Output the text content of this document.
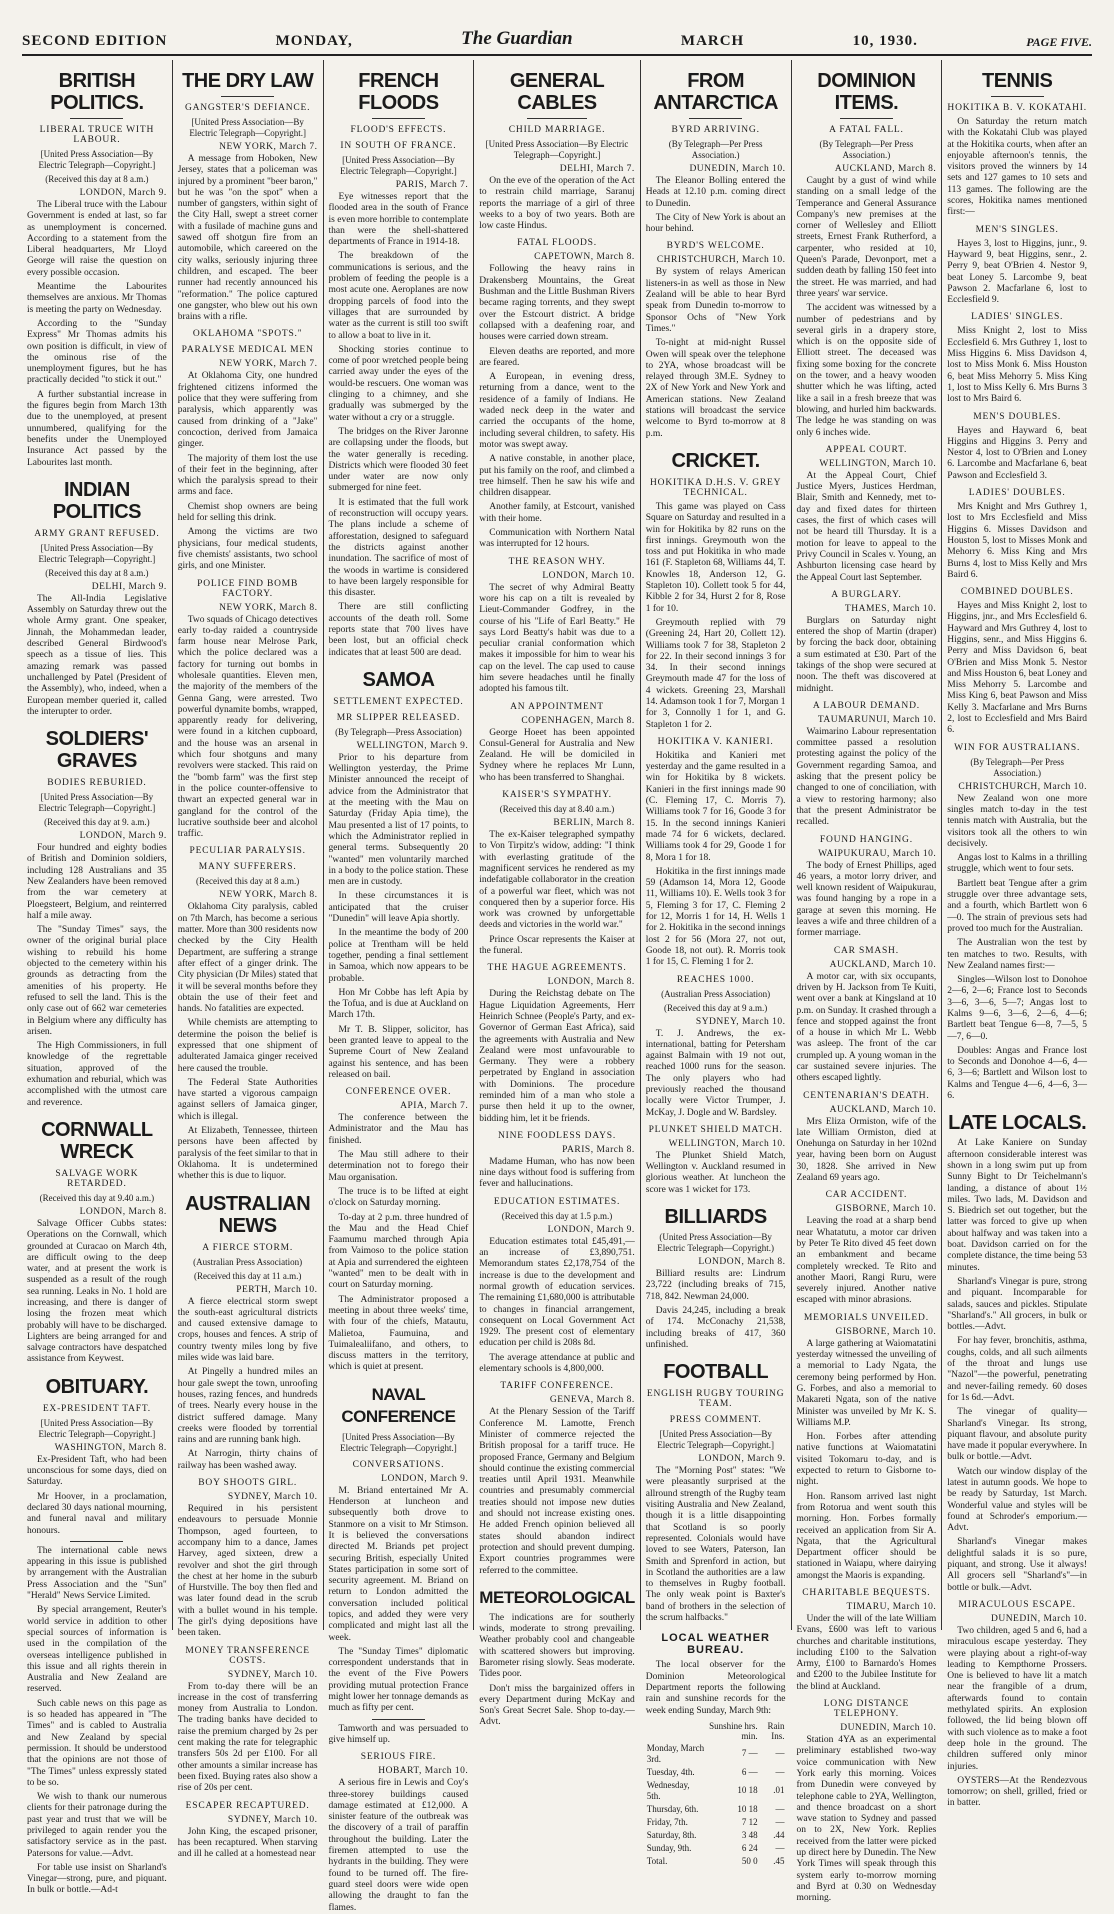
SECOND EDITION	MONDAY,	The Guardian	MARCH	10, 1930.	PAGE FIVE.
BRITISH POLITICS.
LIBERAL TRUCE WITH LABOUR.
[United Press Association—By Electric Telegraph—Copyright.]
(Received this day at 8 a.m.)
LONDON, March 9.

The Liberal truce with the Labour Government is ended at last, so far as unemployment is concerned. According to a statement from the Liberal headquarters, Mr Lloyd George will raise the question on every possible occasion.

Meantime the Labourites themselves are anxious. Mr Thomas is meeting the party on Wednesday.

According to the "Sunday Express" Mr Thomas admits his own position is difficult, in view of the ominous rise of the unemployment figures, but he has practically decided "to stick it out."

A further substantial increase in the figures begin from March 13th due to the unemployed, at present unnumbered, qualifying for the benefits under the Unemployed Insurance Act passed by the Labourites last month.

INDIAN POLITICS
ARMY GRANT REFUSED.
[United Press Association—By Electric Telegraph—Copyright.]
(Received this day at 8 a.m.)
DELHI, March 9.

The All-India Legislative Assembly on Saturday threw out the whole Army grant. One speaker, Jinnah, the Mohammedan leader, described General Birdwood's speech as a tissue of lies. This amazing remark was passed unchallenged by Patel (President of the Assembly), who, indeed, when a European member queried it, called the interupter to order.

SOLDIERS' GRAVES
BODIES REBURIED.
[United Press Association—By Electric Telegraph—Copyright.]
(Received this day at 9. a.m.)
LONDON, March 9.

Four hundred and eighty bodies of British and Dominion soldiers, including 128 Australians and 35 New Zealanders have been removed from the war cemetery at Ploegsteert, Belgium, and reinterred half a mile away.

The "Sunday Times" says, the owner of the original burial place wishing to rebuild his home objected to the cemetery within his grounds as detracting from the amenities of his property. He refused to sell the land. This is the only case out of 662 war cemeteries in Belgium where any difficulty has arisen.

The High Commissioners, in full knowledge of the regrettable situation, approved of the exhumation and reburial, which was accomplished with the utmost care and reverence.

CORNWALL WRECK
SALVAGE WORK RETARDED.
(Received this day at 9.40 a.m.)
LONDON, March 8.

Salvage Officer Cubbs states: Operations on the Cornwall, which grounded at Curacao on March 4th, are difficult owing to the deep water, and at present the work is suspended as a result of the rough sea running. Leaks in No. 1 hold are increasing, and there is danger of losing the frozen meat which probably will have to be discharged. Lighters are being arranged for and salvage contractors have despatched assistance from Keywest.

OBITUARY.
EX-PRESIDENT TAFT.
[United Press Association—By Electric Telegraph—Copyright.]
WASHINGTON, March 8.

Ex-President Taft, who had been unconscious for some days, died on Saturday.

Mr Hoover, in a proclamation, declared 30 days national mourning, and funeral naval and military honours.

The international cable news appearing in this issue is published by arrangement with the Australian Press Association and the "Sun" "Herald" News Service Limited.

By special arrangement, Reuter's world service in addition to other special sources of information is used in the compilation of the overseas intelligence published in this issue and all rights therein in Australia and New Zealand are reserved.

Such cable news on this page as is so headed has appeared in "The Times" and is cabled to Australia and New Zealand by special permission. It should be understood that the opinions are not those of "The Times" unless expressly stated to be so.

We wish to thank our numerous clients for their patronage during the past year and trust that we will be privileged to again render you the satisfactory service as in the past. Patersons for value.—Advt.

For table use insist on Sharland's Vinegar—strong, pure, and piquant. In bulk or bottle.—Ad-t

THE DRY LAW
GANGSTER'S DEFIANCE.
[United Press Association—By Electric Telegraph—Copyright.]
NEW YORK, March 7.

A message from Hoboken, New Jersey, states that a policeman was injured by a prominent "beer baron," but he was "on the spot" when a number of gangsters, within sight of the City Hall, swept a street corner with a fusilade of machine guns and sawed off shotgun fire from an automobile, which careered on the city walks, seriously injuring three children, and escaped. The beer runner had recently announced his "reformation." The police captured one gangster, who blew out his own brains with a rifle.

OKLAHOMA "SPOTS."
PARALYSE MEDICAL MEN
NEW YORK, March 7.

At Oklahoma City, one hundred frightened citizens informed the police that they were suffering from paralysis, which apparently was caused from drinking of a "Jake" concoction, derived from Jamaica ginger.

The majority of them lost the use of their feet in the beginning, after which the paralysis spread to their arms and face.

Chemist shop owners are being held for selling this drink.

Among the victims are two physicians, four medical students, five chemists' assistants, two school girls, and one Minister.

POLICE FIND BOMB FACTORY.
NEW YORK, March 8.

Two squads of Chicago detectives early to-day raided a countryside farm house near Melrose Park, which the police declared was a factory for turning out bombs in wholesale quantities. Eleven men, the majority of the members of the Genna Gang, were arrested. Two powerful dynamite bombs, wrapped, apparently ready for delivering, were found in a kitchen cupboard, and the house was an arsenal in which four shotguns and many revolvers were stacked. This raid on the "bomb farm" was the first step in the police counter-offensive to thwart an expected general war in gangland for the control of the lucrative southside beer and alcohol traffic.

PECULIAR PARALYSIS.
MANY SUFFERERS.
(Received this day at 8 a.m.)
NEW YORK, March 8.

Oklahoma City paralysis, cabled on 7th March, has become a serious matter. More than 300 residents now checked by the City Health Department, are suffering a strange after effect of a ginger drink. The City physician (Dr Miles) stated that it will be several months before they obtain the use of their feet and hands. No fatalities are expected.

While chemists are attempting to determine the poison the belief is expressed that one shipment of adulterated Jamaica ginger received here caused the trouble.

The Federal State Authorities have started a vigorous campaign against sellers of Jamaica ginger, which is illegal.

At Elizabeth, Tennessee, thirteen persons have been affected by paralysis of the feet similar to that in Oklahoma. It is undetermined whether this is due to liquor.

AUSTRALIAN NEWS
A FIERCE STORM.
(Australian Press Association)
(Received this day at 11 a.m.)
PERTH, March 10.

A fierce electrical storm swept the south-east agricultural districts and caused extensive damage to crops, houses and fences. A strip of country twenty miles long by five miles wide was laid bare.

At Pingelly a hundred miles an hour gale swept the town, unroofing houses, razing fences, and hundreds of trees. Nearly every house in the district suffered damage. Many creeks were flooded by torrential rains and are running bank high.

At Narrogin, thirty chains of railway has been washed away.

BOY SHOOTS GIRL.
SYDNEY, March 10.

Required in his persistent endeavours to persuade Monnie Thompson, aged fourteen, to accompany him to a dance, James Harvey, aged sixteen, drew a revolver and shot the girl through the chest at her home in the suburb of Hurstville. The boy then fled and was later found dead in the scrub with a bullet wound in his temple. The girl's dying depositions have been taken.

MONEY TRANSFERENCE COSTS.
SYDNEY, March 10.

From to-day there will be an increase in the cost of transferring money from Australia to London. The trading banks have decided to raise the premium charged by 2s per cent making the rate for telegraphic transfers 50s 2d per £100. For all other amounts a similar increase has been fixed. Buying rates also show a rise of 20s per cent.

ESCAPER RECAPTURED.
SYDNEY, March 10.

John King, the escaped prisoner, has been recaptured. When starving and ill he called at a homestead near

FRENCH FLOODS
FLOOD'S EFFECTS.
IN SOUTH OF FRANCE.
[United Press Association—By Electric Telegraph—Copyright.]
PARIS, March 7.

Eye witnesses report that the flooded area in the south of France is even more horrible to contemplate than were the shell-shattered departments of France in 1914-18.

The breakdown of the communications is serious, and the problem of feeding the people is a most acute one. Aeroplanes are now dropping parcels of food into the villages that are surrounded by water as the current is still too swift to allow a boat to live in it.

Shocking stories continue to come of poor wretched people being carried away under the eyes of the would-be rescuers. One woman was clinging to a chimney, and she gradually was submerged by the water without a cry or a struggle.

The bridges on the River Jaronne are collapsing under the floods, but the water generally is receding. Districts which were flooded 30 feet under water are now only submerged for nine feet.

It is estimated that the full work of reconstruction will occupy years. The plans include a scheme of afforestation, designed to safeguard the districts against another inundation. The sacrifice of most of the woods in wartime is considered to have been largely responsible for this disaster.

There are still conflicting accounts of the death roll. Some reports state that 700 lives have been lost, but an official check indicates that at least 500 are dead.

SAMOA
SETTLEMENT EXPECTED.
MR SLIPPER RELEASED.
(By Telegraph—Press Association)
WELLINGTON, March 9.

Prior to his departure from Wellington yesterday, the Prime Minister announced the receipt of advice from the Administrator that at the meeting with the Mau on Saturday (Friday Apia time), the Mau presented a list of 17 points, to which the Administrator replied in general terms. Subsequently 20 "wanted" men voluntarily marched in a body to the police station. These men are in custody.

In these circumstances it is anticipated that the cruiser "Dunedin" will leave Apia shortly.

In the meantime the body of 200 police at Trentham will be held together, pending a final settlement in Samoa, which now appears to be probable.

Hon Mr Cobbe has left Apia by the Tofua, and is due at Auckland on March 17th.

Mr T. B. Slipper, solicitor, has been granted leave to appeal to the Supreme Court of New Zealand against his sentence, and has been released on bail.

CONFERENCE OVER.
APIA, March 7.

The conference between the Administrator and the Mau has finished.

The Mau still adhere to their determination not to forego their Mau organisation.

The truce is to be lifted at eight o'clock on Saturday morning.

To-day at 2 p.m. three hundred of the Mau and the Head Chief Faamumu marched through Apia from Vaimoso to the police station at Apia and surrendered the eighteen "wanted" men to be dealt with in court on Saturday morning.

The Administrator proposed a meeting in about three weeks' time, with four of the chiefs, Matautu, Malietoa, Faumuina, and Tuimalealiifano, and others, to discuss matters in the territory, which is quiet at present.

NAVAL CONFERENCE
[United Press Association—By Electric Telegraph—Copyright.]
CONVERSATIONS.
LONDON, March 9.

M. Briand entertained Mr A. Henderson at luncheon and subsequently both drove to Stanmore on a visit to Mr Stimson. It is believed the conversations directed M. Briands pet project securing British, especially United States participation in some sort of security agreement. M. Briand on return to London admitted the conversation included political topics, and added they were very complicated and might last all the week.

The "Sunday Times" diplomatic correspondent understands that in the event of the Five Powers providing mutual protection France might lower her tonnage demands as much as fifty per cent.

Tamworth and was persuaded to give himself up.

SERIOUS FIRE.
HOBART, March 10.

A serious fire in Lewis and Coy's three-storey buildings caused damage estimated at £12,000. A sinister feature of the outbreak was the discovery of a trail of paraffin throughout the building. Later the firemen attempted to use the hydrants in the building. They were found to be turned off. The fire-guard steel doors were wide open allowing the draught to fan the flames.

GENERAL CABLES
CHILD MARRIAGE.
[United Press Association—By Electric Telegraph—Copyright.]
DELHI, March 7.

On the eve of the operation of the Act to restrain child marriage, Saranuj reports the marriage of a girl of three weeks to a boy of two years. Both are low caste Hindus.

FATAL FLOODS.
CAPETOWN, March 8.

Following the heavy rains in Drakensberg Mountains, the Great Bushman and the Little Bushman Rivers became raging torrents, and they swept over the Estcourt district. A bridge collapsed with a deafening roar, and houses were carried down stream.

Eleven deaths are reported, and more are feared.

A European, in evening dress, returning from a dance, went to the residence of a family of Indians. He waded neck deep in the water and carried the occupants of the home, including several children, to safety. His motor was swept away.

A native constable, in another place, put his family on the roof, and climbed a tree himself. Then he saw his wife and children disappear.

Another family, at Estcourt, vanished with their home.

Communication with Northern Natal was interrupted for 12 hours.

THE REASON WHY.
LONDON, March 10.

The secret of why Admiral Beatty wore his cap on a tilt is revealed by Lieut-Commander Godfrey, in the course of his "Life of Earl Beatty." He says Lord Beatty's habit was due to a peculiar cranial conformation which makes it impossible for him to wear his cap on the level. The cap used to cause him severe headaches until he finally adopted his famous tilt.

AN APPOINTMENT
COPENHAGEN, March 8.

George Hoeet has been appointed Consul-General for Australia and New Zealand. He will be domiciled in Sydney where he replaces Mr Lunn, who has been transferred to Shanghai.

KAISER'S SYMPATHY.
(Received this day at 8.40 a.m.)
BERLIN, March 8.

The ex-Kaiser telegraphed sympathy to Von Tirpitz's widow, adding: "I think with everlasting gratitude of the magnificent services he rendered as my indefatigable collaborator in the creation of a powerful war fleet, which was not conquered then by a superior force. His work was crowned by unforgettable deeds and victories in the world war."

Prince Oscar represents the Kaiser at the funeral.

THE HAGUE AGREEMENTS.
LONDON, March 8.

During the Reichstag debate on The Hague Liquidation Agreements, Herr Heinrich Schnee (People's Party, and ex-Governor of German East Africa), said the agreements with Australia and New Zealand were most unfavourable to Germany. They were a robbery perpetrated by England in association with Dominions. The procedure reminded him of a man who stole a purse then held it up to the owner, bidding him, let it be friends.

NINE FOODLESS DAYS.
PARIS, March 8.

Madame Human, who has now been nine days without food is suffering from fever and hallucinations.

EDUCATION ESTIMATES.
(Received this day at 1.5 p.m.)
LONDON, March 9.

Education estimates total £45,491,—an increase of £3,890,751. Memorandum states £2,178,754 of the increase is due to the development and normal growth of education services. The remaining £1,680,000 is attributable to changes in financial arrangement, consequent on Local Government Act 1929. The present cost of elementary education per child is 208s 8d.

The average attendance at public and elementary schools is 4,800,000.

TARIFF CONFERENCE.
GENEVA, March 8.

At the Plenary Session of the Tariff Conference M. Lamotte, French Minister of commerce rejected the British proposal for a tariff truce. He proposed France, Germany and Belgium should continue the existing commercial treaties until April 1931. Meanwhile countries and presumably commercial treaties should not impose new duties and should not increase existing ones. He added French opinion believed all states should abandon indirect protection and should prevent dumping. Export countries programmes were referred to the committee.

METEOROLOGICAL

The indications are for southerly winds, moderate to strong prevailing. Weather probably cool and changeable with scattered showers but improving. Barometer rising slowly. Seas moderate. Tides poor.

Don't miss the bargainized offers in every Department during McKay and Son's Great Secret Sale. Shop to-day.—Advt.

FROM ANTARCTICA
BYRD ARRIVING.
(By Telegraph—Per Press Association.)
DUNEDIN, March 10.

The Eleanor Bolling entered the Heads at 12.10 p.m. coming direct to Dunedin.

The City of New York is about an hour behind.

BYRD'S WELCOME.
CHRISTCHURCH, March 10.

By system of relays American listeners-in as well as those in New Zealand will be able to hear Byrd speak from Dunedin to-morrow to Sponsor Ochs of "New York Times."

To-night at mid-night Russel Owen will speak over the telephone to 2YA, whose broadcast will be relayed through 3M.E. Sydney to 2X of New York and New York and American stations. New Zealand stations will broadcast the service welcome to Byrd to-morrow at 8 p.m.

CRICKET.
HOKITIKA D.H.S. V. GREY TECHNICAL.

This game was played on Cass Square on Saturday and resulted in a win for Hokitika by 82 runs on the first innings. Greymouth won the toss and put Hokitika in who made 161 (F. Stapleton 68, Williams 44, T. Knowles 18, Anderson 12, G. Stapleton 10). Collett took 5 for 44, Kibble 2 for 34, Hurst 2 for 8, Rose 1 for 10.

Greymouth replied with 79 (Greening 24, Hart 20, Collett 12). Williams took 7 for 38, Stapleton 2 for 22. In their second innings 3 for 34. In their second innings Greymouth made 47 for the loss of 4 wickets. Greening 23, Marshall 14. Adamson took 1 for 7, Morgan 1 for 3, Connolly 1 for 1, and G. Stapleton 1 for 2.

HOKITIKA V. KANIERI.

Hokitika and Kanieri met yesterday and the game resulted in a win for Hokitika by 8 wickets. Kanieri in the first innings made 90 (C. Fleming 17, C. Morris 7). Williams took 7 for 16, Goode 3 for 15. In the second innings Kanieri made 74 for 6 wickets, declared. Williams took 4 for 29, Goode 1 for 8, Mora 1 for 18.

Hokitika in the first innings made 59 (Adamson 14, Mora 12, Goode 11, Williams 10). E. Wells took 3 for 5, Fleming 3 for 17, C. Fleming 2 for 12, Morris 1 for 14, H. Wells 1 for 2. Hokitika in the second innings lost 2 for 56 (Mora 27, not out, Goode 18, not out). R. Morris took 1 for 15, C. Fleming 1 for 2.

REACHES 1000.
(Australian Press Association)
(Received this day at 9 a.m.)
SYDNEY, March 10.

T. J. Andrews, the ex-international, batting for Petersham against Balmain with 19 not out, reached 1000 runs for the season. The only players who had previously reached the thousand locally were Victor Trumper, J. McKay, J. Dogle and W. Bardsley.

PLUNKET SHIELD MATCH.
WELLINGTON, March 10.

The Plunket Shield Match, Wellington v. Auckland resumed in glorious weather. At luncheon the score was 1 wicket for 173.

BILLIARDS
(United Press Association—By Electric Telegraph—Copyright.)
LONDON, March 8.

Billiard results are: Lindrum 23,722 (including breaks of 715, 718, 842. Newman 24,000.

Davis 24,245, including a break of 174. McConachy 21,538, including breaks of 417, 360 unfinished.

FOOTBALL
ENGLISH RUGBY TOURING TEAM.
PRESS COMMENT.
[United Press Association—By Electric Telegraph—Copyright.]
LONDON, March 9.

The "Morning Post" states: "We were pleasantly surprised at the allround strength of the Rugby team visiting Australia and New Zealand, though it is a little disappointing that Scotland is so poorly represented. Colonials would have loved to see Waters, Paterson, Ian Smith and Sprenford in action, but in Scotland the authorities are a law to themselves in Rugby football. The only weak point is Baxter's band of brothers in the selection of the scrum halfbacks."

LOCAL WEATHER BUREAU.

The local observer for the Dominion Meteorological Department reports the following rain and sunshine records for the week ending Sunday, March 9th:

	Sunshine hrs. min.	Rain Ins.
Monday, March 3rd.	7 —	—
Tuesday, 4th.	6 —	—
Wednesday, 5th.	10 18	.01
Thursday, 6th.	10 18	—
Friday, 7th.	7 12	—
Saturday, 8th.	3 48	.44
Sunday, 9th.	6 24	—
Total.	50 0	.45
DOMINION ITEMS.
A FATAL FALL.
(By Telegraph—Per Press Association.)
AUCKLAND, March 8.

Caught by a gust of wind while standing on a small ledge of the Temperance and General Assurance Company's new premises at the corner of Wellesley and Elliott streets, Ernest Frank Rutherford, a carpenter, who resided at 10, Queen's Parade, Devonport, met a sudden death by falling 150 feet into the street. He was married, and had three years' war service.

The accident was witnessed by a number of pedestrians and by several girls in a drapery store, which is on the opposite side of Elliott street. The deceased was fixing some boxing for the concrete on the tower, and a heavy wooden shutter which he was lifting, acted like a sail in a fresh breeze that was blowing, and hurled him backwards. The ledge he was standing on was only 6 inches wide.

APPEAL COURT.
WELLINGTON, March 10.

At the Appeal Court, Chief Justice Myers, Justices Herdman, Blair, Smith and Kennedy, met to-day and fixed dates for thirteen cases, the first of which cases will not be heard till Thursday. It is a motion for leave to appeal to the Privy Council in Scales v. Young, an Ashburton licensing case heard by the Appeal Court last September.

A BURGLARY.
THAMES, March 10.

Burglars on Saturday night entered the shop of Martin (draper) by forcing the back door, obtaining a sum estimated at £30. Part of the takings of the shop were secured at noon. The theft was discovered at midnight.

A LABOUR DEMAND.
TAUMARUNUI, March 10.

Waimarino Labour representation committee passed a resolution protesting against the policy of the Government regarding Samoa, and asking that the present policy be changed to one of conciliation, with a view to restoring harmony; also that the present Administrator be recalled.

FOUND HANGING.
WAIPUKURAU, March 10.

The body of Ernest Phillips, aged 46 years, a motor lorry driver, and well known resident of Waipukurau, was found hanging by a rope in a garage at seven this morning. He leaves a wife and three children of a former marriage.

CAR SMASH.
AUCKLAND, March 10.

A motor car, with six occupants, driven by H. Jackson from Te Kuiti, went over a bank at Kingsland at 10 p.m. on Sunday. It crashed through a fence and stopped against the front of a house in which Mr L. Webb was asleep. The front of the car crumpled up. A young woman in the car sustained severe injuries. The others escaped lightly.

CENTENARIAN'S DEATH.
AUCKLAND, March 10.

Mrs Eliza Ormiston, wife of the late William Ormiston, died at Onehunga on Saturday in her 102nd year, having been born on August 30, 1828. She arrived in New Zealand 69 years ago.

CAR ACCIDENT.
GISBORNE, March 10.

Leaving the road at a sharp bend near Whatatutu, a motor car driven by Peter Te Rito dived 45 feet down an embankment and became completely wrecked. Te Rito and another Maori, Rangi Ruru, were severely injured. Another native escaped with minor abrasions.

MEMORIALS UNVEILED.
GISBORNE, March 10.

A large gathering at Waiomatatini yesterday witnessed the unveiling of a memorial to Lady Ngata, the ceremony being performed by Hon. G. Forbes, and also a memorial to Makareti Ngata, son of the native Minister was unveiled by Mr K. S. Williams M.P.

Hon. Forbes after attending native functions at Waiomatatini visited Tokomaru to-day, and is expected to return to Gisborne to-night.

Hon. Ransom arrived last night from Rotorua and went south this morning. Hon. Forbes formally received an application from Sir A. Ngata, that the Agricultural Department officer should be stationed in Waiapu, where dairying amongst the Maoris is expanding.

CHARITABLE BEQUESTS.
TIMARU, March 10.

Under the will of the late William Evans, £600 was left to various churches and charitable institutions, including £100 to the Salvation Army, £100 to Barnardo's Homes and £200 to the Jubilee Institute for the blind at Auckland.

LONG DISTANCE TELEPHONY.
DUNEDIN, March 10.

Station 4YA as an experimental preliminary established two-way voice communication with New York early this morning. Voices from Dunedin were conveyed by telephone cable to 2YA, Wellington, and thence broadcast on a short wave station to Sydney and passed on to 2X, New York. Replies received from the latter were picked up direct here by Dunedin. The New York Times will speak through this system early to-morrow morning and Byrd at 0.30 on Wednesday morning.

TENNIS
HOKITIKA B. V. KOKATAHI.

On Saturday the return match with the Kokatahi Club was played at the Hokitika courts, when after an enjoyable afternoon's tennis, the visitors proved the winners by 14 sets and 127 games to 10 sets and 113 games. The following are the scores, Hokitika names mentioned first:—

MEN'S SINGLES.

Hayes 3, lost to Higgins, junr., 9. Hayward 9, beat Higgins, senr., 2. Perry 9, beat O'Brien 4. Nestor 9, beat Loney 5. Larcombe 9, beat Pawson 2. Macfarlane 6, lost to Ecclesfield 9.

LADIES' SINGLES.

Miss Knight 2, lost to Miss Ecclesfield 6. Mrs Guthrey 1, lost to Miss Higgins 6. Miss Davidson 4, lost to Miss Monk 6. Miss Houston 6, beat Miss Mehorry 5. Miss King 1, lost to Miss Kelly 6. Mrs Burns 3 lost to Mrs Baird 6.

MEN'S DOUBLES.

Hayes and Hayward 6, beat Higgins and Higgins 3. Perry and Nestor 4, lost to O'Brien and Loney 6. Larcombe and Macfarlane 6, beat Pawson and Ecclesfield 3.

LADIES' DOUBLES.

Mrs Knight and Mrs Guthrey 1, lost to Mrs Ecclesfield and Miss Higgins 6. Misses Davidson and Houston 5, lost to Misses Monk and Mehorry 6. Miss King and Mrs Burns 4, lost to Miss Kelly and Mrs Baird 6.

COMBINED DOUBLES.

Hayes and Miss Knight 2, lost to Higgins, jnr., and Mrs Ecclesfield 6. Hayward and Mrs Guthrey 4, lost to Higgins, senr., and Miss Higgins 6. Perry and Miss Davidson 6, beat O'Brien and Miss Monk 5. Nestor and Miss Houston 6, beat Loney and Miss Mehorry 5. Larcombe and Miss King 6, beat Pawson and Miss Kelly 3. Macfarlane and Mrs Burns 2, lost to Ecclesfield and Mrs Baird 6.

WIN FOR AUSTRALIANS.
(By Telegraph—Per Press Association.)
CHRISTCHURCH, March 10.

New Zealand won one more singles match to-day in the test tennis match with Australia, but the visitors took all the others to win decisively.

Angas lost to Kalms in a thrilling struggle, which went to four sets.

Bartlett beat Tengue after a grim struggle over three advantage sets, and a fourth, which Bartlett won 6—0. The strain of previous sets had proved too much for the Australian.

The Australian won the test by ten matches to two. Results, with New Zealand names first:—

Singles—Wilson lost to Donohoe 2—6, 2—6; France lost to Seconds 3—6, 3—6, 5—7; Angas lost to Kalms 9—6, 3—6, 2—6, 4—6; Bartlett beat Tengue 6—8, 7—5, 5—7, 6—0.

Doubles: Angas and France lost to Seconds and Donohoe 4—6, 4—6, 3—6; Bartlett and Wilson lost to Kalms and Tengue 4—6, 4—6, 3—6.

LATE LOCALS.

At Lake Kaniere on Sunday afternoon considerable interest was shown in a long swim put up from Sunny Bight to Dr Teichelmann's landing, a distance of about 1½ miles. Two lads, M. Davidson and S. Biedrich set out together, but the latter was forced to give up when about halfway and was taken into a boat. Davidson carried on for the complete distance, the time being 53 minutes.

Sharland's Vinegar is pure, strong and piquant. Incomparable for salads, sauces and pickles. Stipulate "Sharland's." All grocers, in bulk or bottles.—Advt.

For hay fever, bronchitis, asthma, coughs, colds, and all such ailments of the throat and lungs use "Nazol"—the powerful, penetrating and never-failing remedy. 60 doses for 1s 6d.—Advt.

The vinegar of quality—Sharland's Vinegar. Its strong, piquant flavour, and absolute purity have made it popular everywhere. In bulk or bottle.—Advt.

Watch our window display of the latest in autumn goods. We hope to be ready by Saturday, 1st March. Wonderful value and styles will be found at Schroder's emporium.—Advt.

Sharland's Vinegar makes delightful salads it is so pure, piquant, and strong. Use it always! All grocers sell "Sharland's"—in bottle or bulk.—Advt.

MIRACULOUS ESCAPE.
DUNEDIN, March 10.

Two children, aged 5 and 6, had a miraculous escape yesterday. They were playing about a right-of-way leading to Kempthorne Prossers. One is believed to have lit a match near the frangible of a drum, afterwards found to contain methylated spirits. An explosion followed, the lid being blown off with such violence as to make a foot deep hole in the ground. The children suffered only minor injuries.

OYSTERS—At the Rendezvous tomorrow; on shell, grilled, fried or in batter.
